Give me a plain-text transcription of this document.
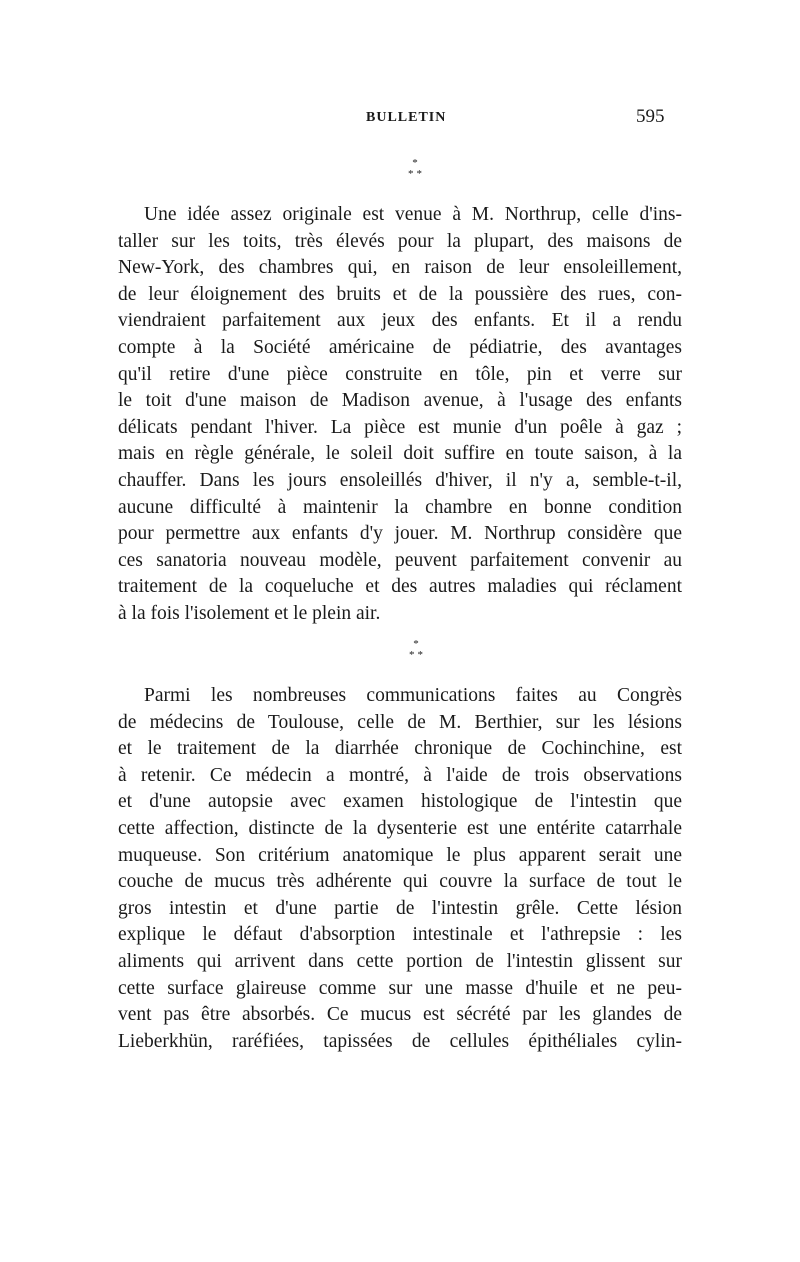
BULLETIN	595
*
**
Une idée assez originale est venue à M. Northrup, celle d'ins-
taller sur les toits, très élevés pour la plupart, des maisons de
New-York, des chambres qui, en raison de leur ensoleillement,
de leur éloignement des bruits et de la poussière des rues, con-
viendraient parfaitement aux jeux des enfants. Et il a rendu
compte à la Société américaine de pédiatrie, des avantages
qu'il retire d'une pièce construite en tôle, pin et verre sur
le toit d'une maison de Madison avenue, à l'usage des enfants
délicats pendant l'hiver. La pièce est munie d'un poêle à gaz ;
mais en règle générale, le soleil doit suffire en toute saison, à la
chauffer. Dans les jours ensoleillés d'hiver, il n'y a, semble-t-il,
aucune difficulté à maintenir la chambre en bonne condition
pour permettre aux enfants d'y jouer. M. Northrup considère que
ces sanatoria nouveau modèle, peuvent parfaitement convenir au
traitement de la coqueluche et des autres maladies qui réclament
à la fois l'isolement et le plein air.
*
**
Parmi les nombreuses communications faites au Congrès
de médecins de Toulouse, celle de M. Berthier, sur les lésions
et le traitement de la diarrhée chronique de Cochinchine, est
à retenir. Ce médecin a montré, à l'aide de trois observations
et d'une autopsie avec examen histologique de l'intestin que
cette affection, distincte de la dysenterie est une entérite catarrhale
muqueuse. Son critérium anatomique le plus apparent serait une
couche de mucus très adhérente qui couvre la surface de tout le
gros intestin et d'une partie de l'intestin grêle. Cette lésion
explique le défaut d'absorption intestinale et l'athrepsie : les
aliments qui arrivent dans cette portion de l'intestin glissent sur
cette surface glaireuse comme sur une masse d'huile et ne peu-
vent pas être absorbés. Ce mucus est sécrété par les glandes de
Lieberkhün, raréfiées, tapissées de cellules épithéliales cylin-
